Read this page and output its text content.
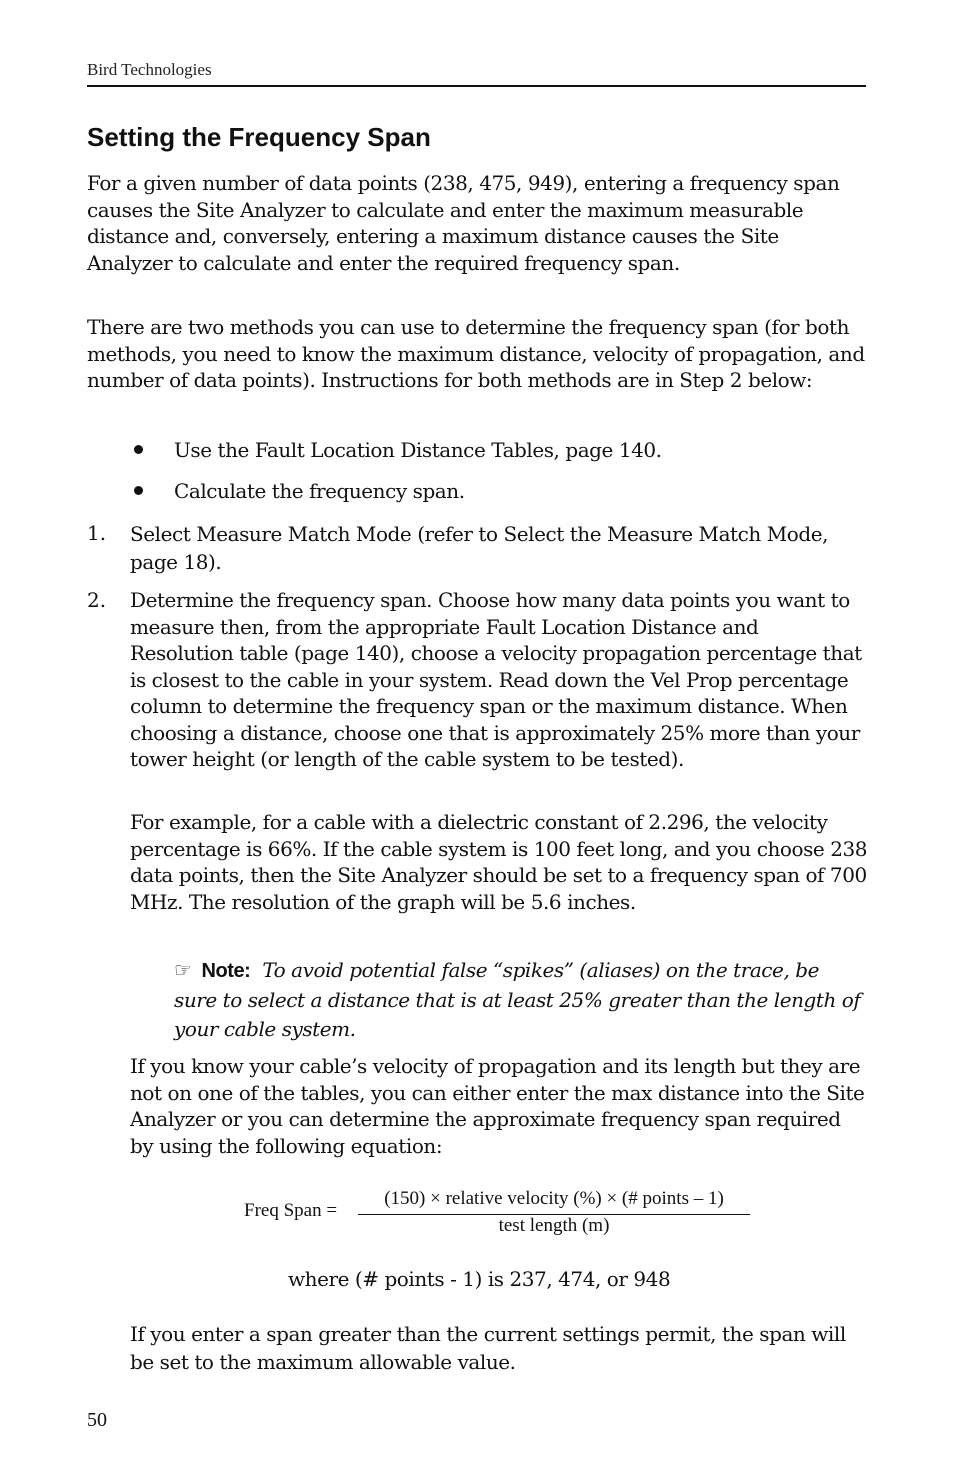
Bird Technologies
Setting the Frequency Span

For a given number of data points (238, 475, 949), entering a frequency span causes the Site Analyzer to calculate and enter the maximum measurable distance and, conversely, entering a maximum distance causes the Site Analyzer to calculate and enter the required frequency span.

There are two methods you can use to determine the frequency span (for both methods, you need to know the maximum distance, velocity of propagation, and number of data points). Instructions for both methods are in Step 2 below:

Use the Fault Location Distance Tables, page 140.
Calculate the frequency span.
1. Select Measure Match Mode (refer to Select the Measure Match Mode, page 18).

2. Determine the frequency span. Choose how many data points you want to measure then, from the appropriate Fault Location Distance and Resolution table (page 140), choose a velocity propagation percentage that is closest to the cable in your system. Read down the Vel Prop percentage column to determine the frequency span or the maximum distance. When choosing a distance, choose one that is approximately 25% more than your tower height (or length of the cable system to be tested).

For example, for a cable with a dielectric constant of 2.296, the velocity percentage is 66%. If the cable system is 100 feet long, and you choose 238 data points, then the Site Analyzer should be set to a frequency span of 700 MHz. The resolution of the graph will be 5.6 inches.

☞ Note: To avoid potential false “spikes” (aliases) on the trace, be sure to select a distance that is at least 25% greater than the length of your cable system.

If you know your cable’s velocity of propagation and its length but they are not on one of the tables, you can either enter the max distance into the Site Analyzer or you can determine the approximate frequency span required by using the following equation:

Freq Span =
(150) × relative velocity (%) × (# points – 1)
test length (m)
where (# points - 1) is 237, 474, or 948

If you enter a span greater than the current settings permit, the span will be set to the maximum allowable value.

50
